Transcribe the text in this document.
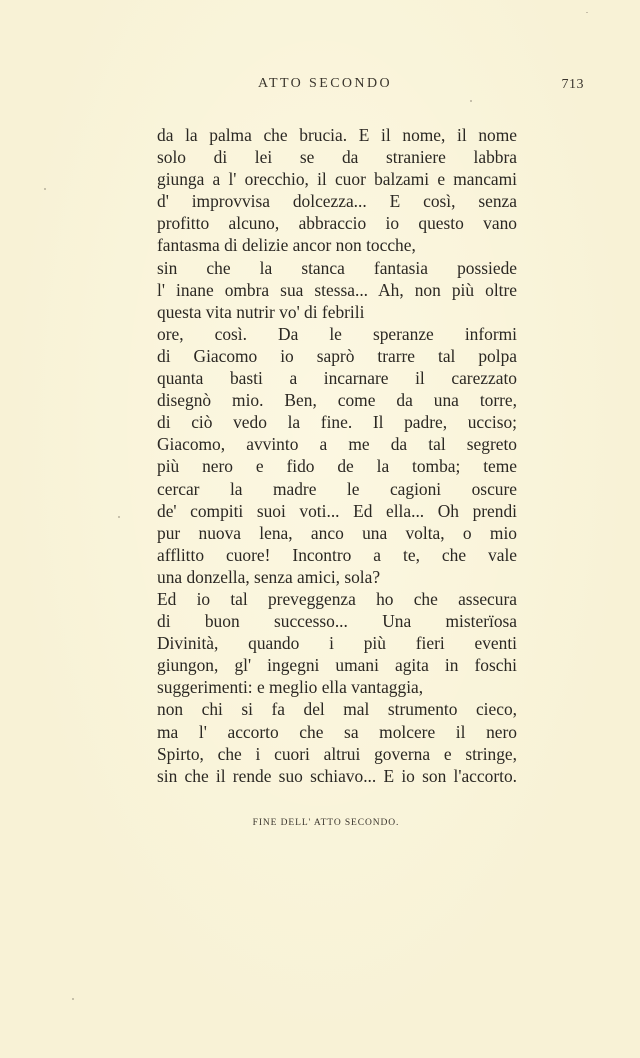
ATTO SECONDO	713
da la palma che brucia. E il nome, il nome
solo di lei se da straniere labbra
giunga a l' orecchio, il cuor balzami e mancami
d' improvvisa dolcezza... E così, senza
profitto alcuno, abbraccio io questo vano
fantasma di delizie ancor non tocche,
sin che la stanca fantasia possiede
l' inane ombra sua stessa... Ah, non più oltre
questa vita nutrir vo' di febrili
ore, così. Da le speranze informi
di Giacomo io saprò trarre tal polpa
quanta basti a incarnare il carezzato
disegnò mio. Ben, come da una torre,
di ciò vedo la fine. Il padre, ucciso;
Giacomo, avvinto a me da tal segreto
più nero e fido de la tomba; teme
cercar la madre le cagioni oscure
de' compiti suoi voti... Ed ella... Oh prendi
pur nuova lena, anco una volta, o mio
afflitto cuore! Incontro a te, che vale
una donzella, senza amici, sola?
Ed io tal preveggenza ho che assecura
di buon successo... Una misterïosa
Divinità, quando i più fieri eventi
giungon, gl' ingegni umani agita in foschi
suggerimenti: e meglio ella vantaggia,
non chi si fa del mal strumento cieco,
ma l' accorto che sa molcere il nero
Spirto, che i cuori altrui governa e stringe,
sin che il rende suo schiavo... E io son l'accorto.
FINE DELL' ATTO SECONDO.
